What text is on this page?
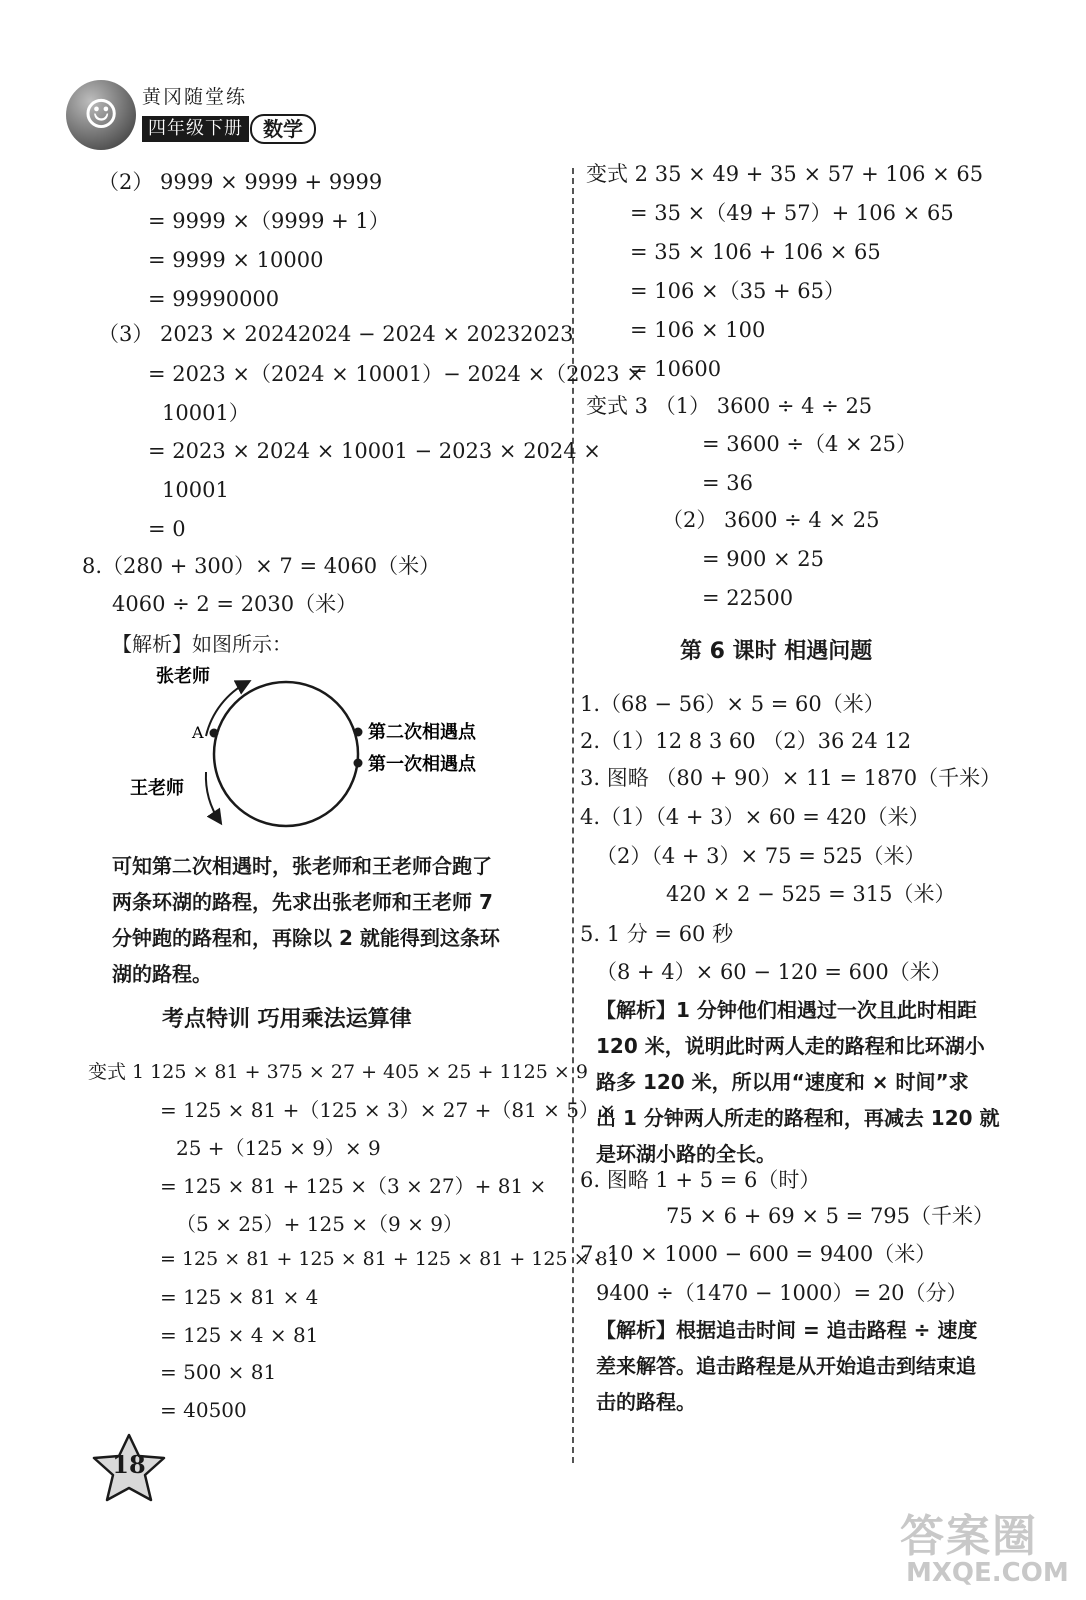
☺	黄冈随堂练
四年级下册	数学
（2） 9999 × 9999 + 9999
= 9999 ×（9999 + 1）
= 9999 × 10000
= 99990000
（3） 2023 × 20242024 − 2024 × 20232023
= 2023 ×（2024 × 10001）− 2024 ×（2023 ×
10001）
= 2023 × 2024 × 10001 − 2023 × 2024 ×
10001
= 0
8.（280 + 300）× 7 = 4060（米）
4060 ÷ 2 = 2030（米）
【解析】如图所示：
张老师
王老师
A	第二次相遇点
第一次相遇点
可知第二次相遇时，张老师和王老师合跑了
两条环湖的路程，先求出张老师和王老师 7
分钟跑的路程和，再除以 2 就能得到这条环
湖的路程。
考点特训 巧用乘法运算律
变式 1 125 × 81 + 375 × 27 + 405 × 25 + 1125 × 9
= 125 × 81 +（125 × 3）× 27 +（81 × 5）×
25 +（125 × 9）× 9
= 125 × 81 + 125 ×（3 × 27）+ 81 ×
（5 × 25）+ 125 ×（9 × 9）
= 125 × 81 + 125 × 81 + 125 × 81 + 125 × 81
= 125 × 81 × 4
= 125 × 4 × 81
= 500 × 81
= 40500
变式 2 35 × 49 + 35 × 57 + 106 × 65
= 35 ×（49 + 57）+ 106 × 65
= 35 × 106 + 106 × 65
= 106 ×（35 + 65）
= 106 × 100
= 10600
变式 3 （1） 3600 ÷ 4 ÷ 25
= 3600 ÷（4 × 25）
= 36
（2） 3600 ÷ 4 × 25
= 900 × 25
= 22500
第 6 课时 相遇问题
1.（68 − 56）× 5 = 60（米）
2.（1）12 8 3 60 （2）36 24 12
3. 图略 （80 + 90）× 11 = 1870（千米）
4.（1）（4 + 3）× 60 = 420（米）
（2）（4 + 3）× 75 = 525（米）
420 × 2 − 525 = 315（米）
5. 1 分 = 60 秒
（8 + 4）× 60 − 120 = 600（米）
【解析】1 分钟他们相遇过一次且此时相距
120 米，说明此时两人走的路程和比环湖小
路多 120 米，所以用“速度和 × 时间”求
出 1 分钟两人所走的路程和，再减去 120 就
是环湖小路的全长。
6. 图略 1 + 5 = 6（时）
75 × 6 + 69 × 5 = 795（千米）
7. 10 × 1000 − 600 = 9400（米）
9400 ÷（1470 − 1000）= 20（分）
【解析】根据追击时间 = 追击路程 ÷ 速度
差来解答。追击路程是从开始追击到结束追
击的路程。
18
答案圈
MXQE.COM
